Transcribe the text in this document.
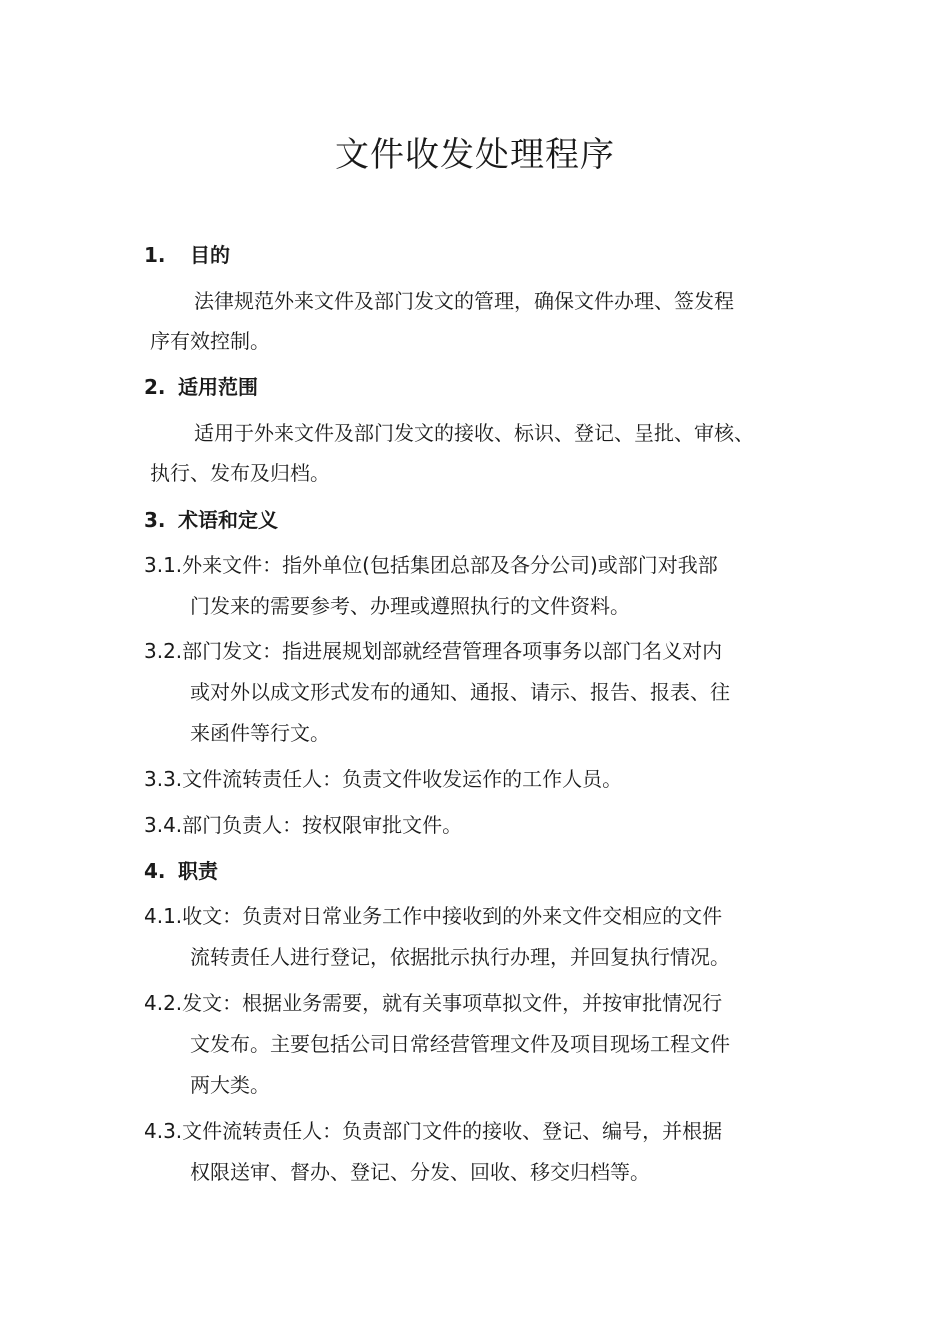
文件收发处理程序
1. 目的
法律规范外来文件及部门发文的管理，确保文件办理、签发程
序有效控制。
2. 适用范围
适用于外来文件及部门发文的接收、标识、登记、呈批、审核、
执行、发布及归档。
3. 术语和定义
3.1.外来文件：指外单位(包括集团总部及各分公司)或部门对我部
门发来的需要参考、办理或遵照执行的文件资料。
3.2.部门发文：指进展规划部就经营管理各项事务以部门名义对内
或对外以成文形式发布的通知、通报、请示、报告、报表、往
来函件等行文。
3.3.文件流转责任人：负责文件收发运作的工作人员。
3.4.部门负责人：按权限审批文件。
4. 职责
4.1.收文：负责对日常业务工作中接收到的外来文件交相应的文件
流转责任人进行登记，依据批示执行办理，并回复执行情况。
4.2.发文：根据业务需要，就有关事项草拟文件，并按审批情况行
文发布。主要包括公司日常经营管理文件及项目现场工程文件
两大类。
4.3.文件流转责任人：负责部门文件的接收、登记、编号，并根据
权限送审、督办、登记、分发、回收、移交归档等。
